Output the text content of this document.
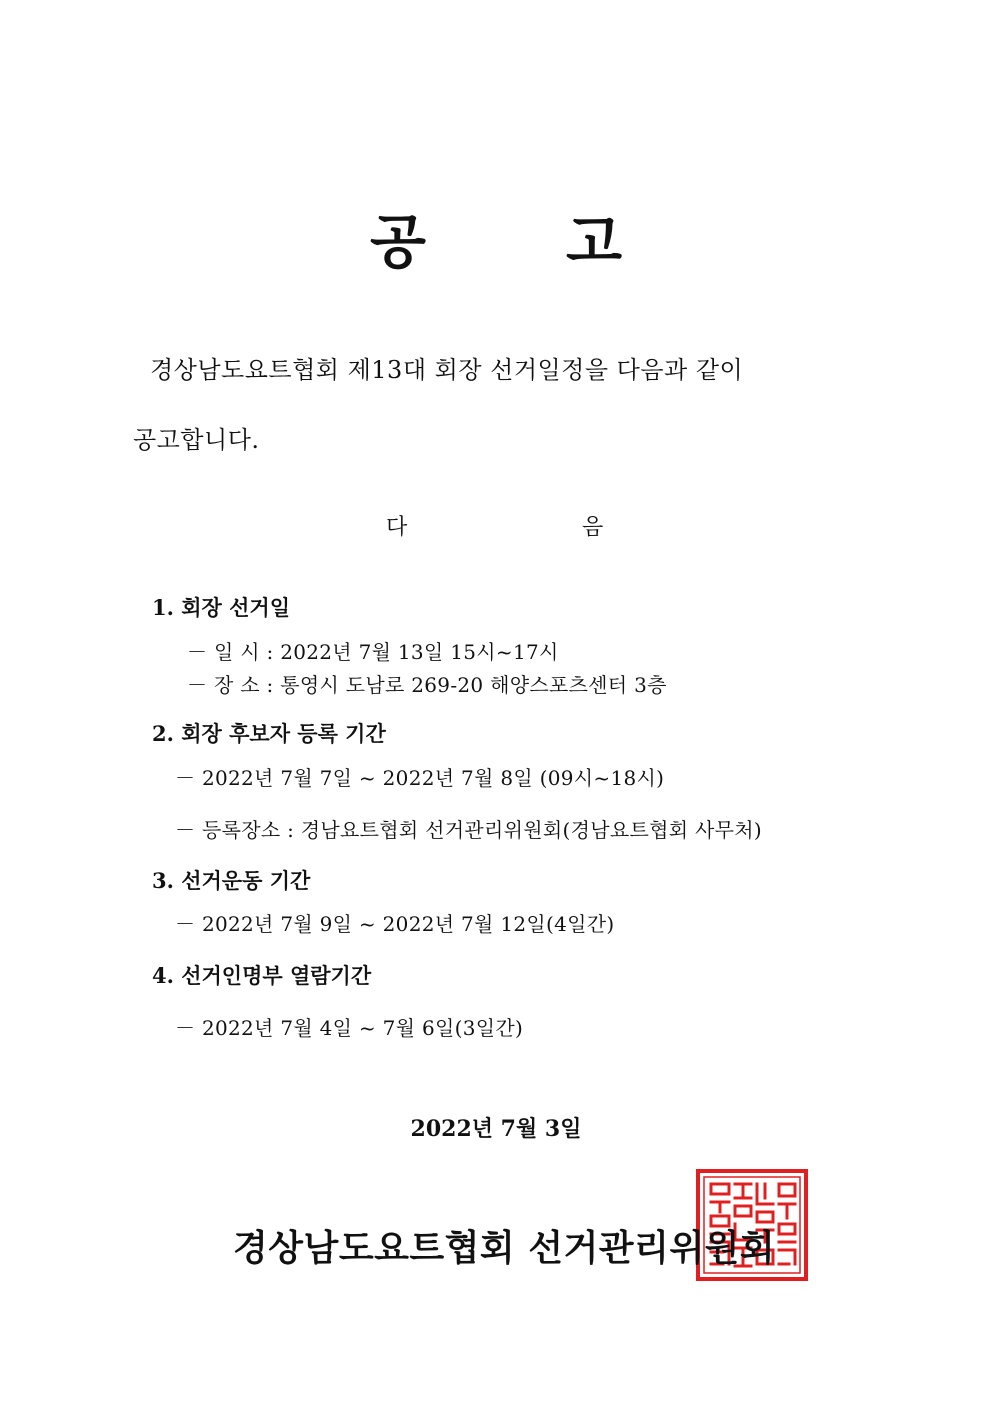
공 고
경상남도요트협회 제13대 회장 선거일정을 다음과 같이
공고합니다.
다	음
1. 회장 선거일
－ 일 시 : 2022년 7월 13일 15시~17시
－ 장 소 : 통영시 도남로 269-20 해양스포츠센터 3층
2. 회장 후보자 등록 기간
－ 2022년 7월 7일 ~ 2022년 7월 8일 (09시~18시)
－ 등록장소 : 경남요트협회 선거관리위원회(경남요트협회 사무처)
3. 선거운동 기간
－ 2022년 7월 9일 ~ 2022년 7월 12일(4일간)
4. 선거인명부 열람기간
－ 2022년 7월 4일 ~ 7월 6일(3일간)
2022년 7월 3일
경상남도요트협회 선거관리위원회
